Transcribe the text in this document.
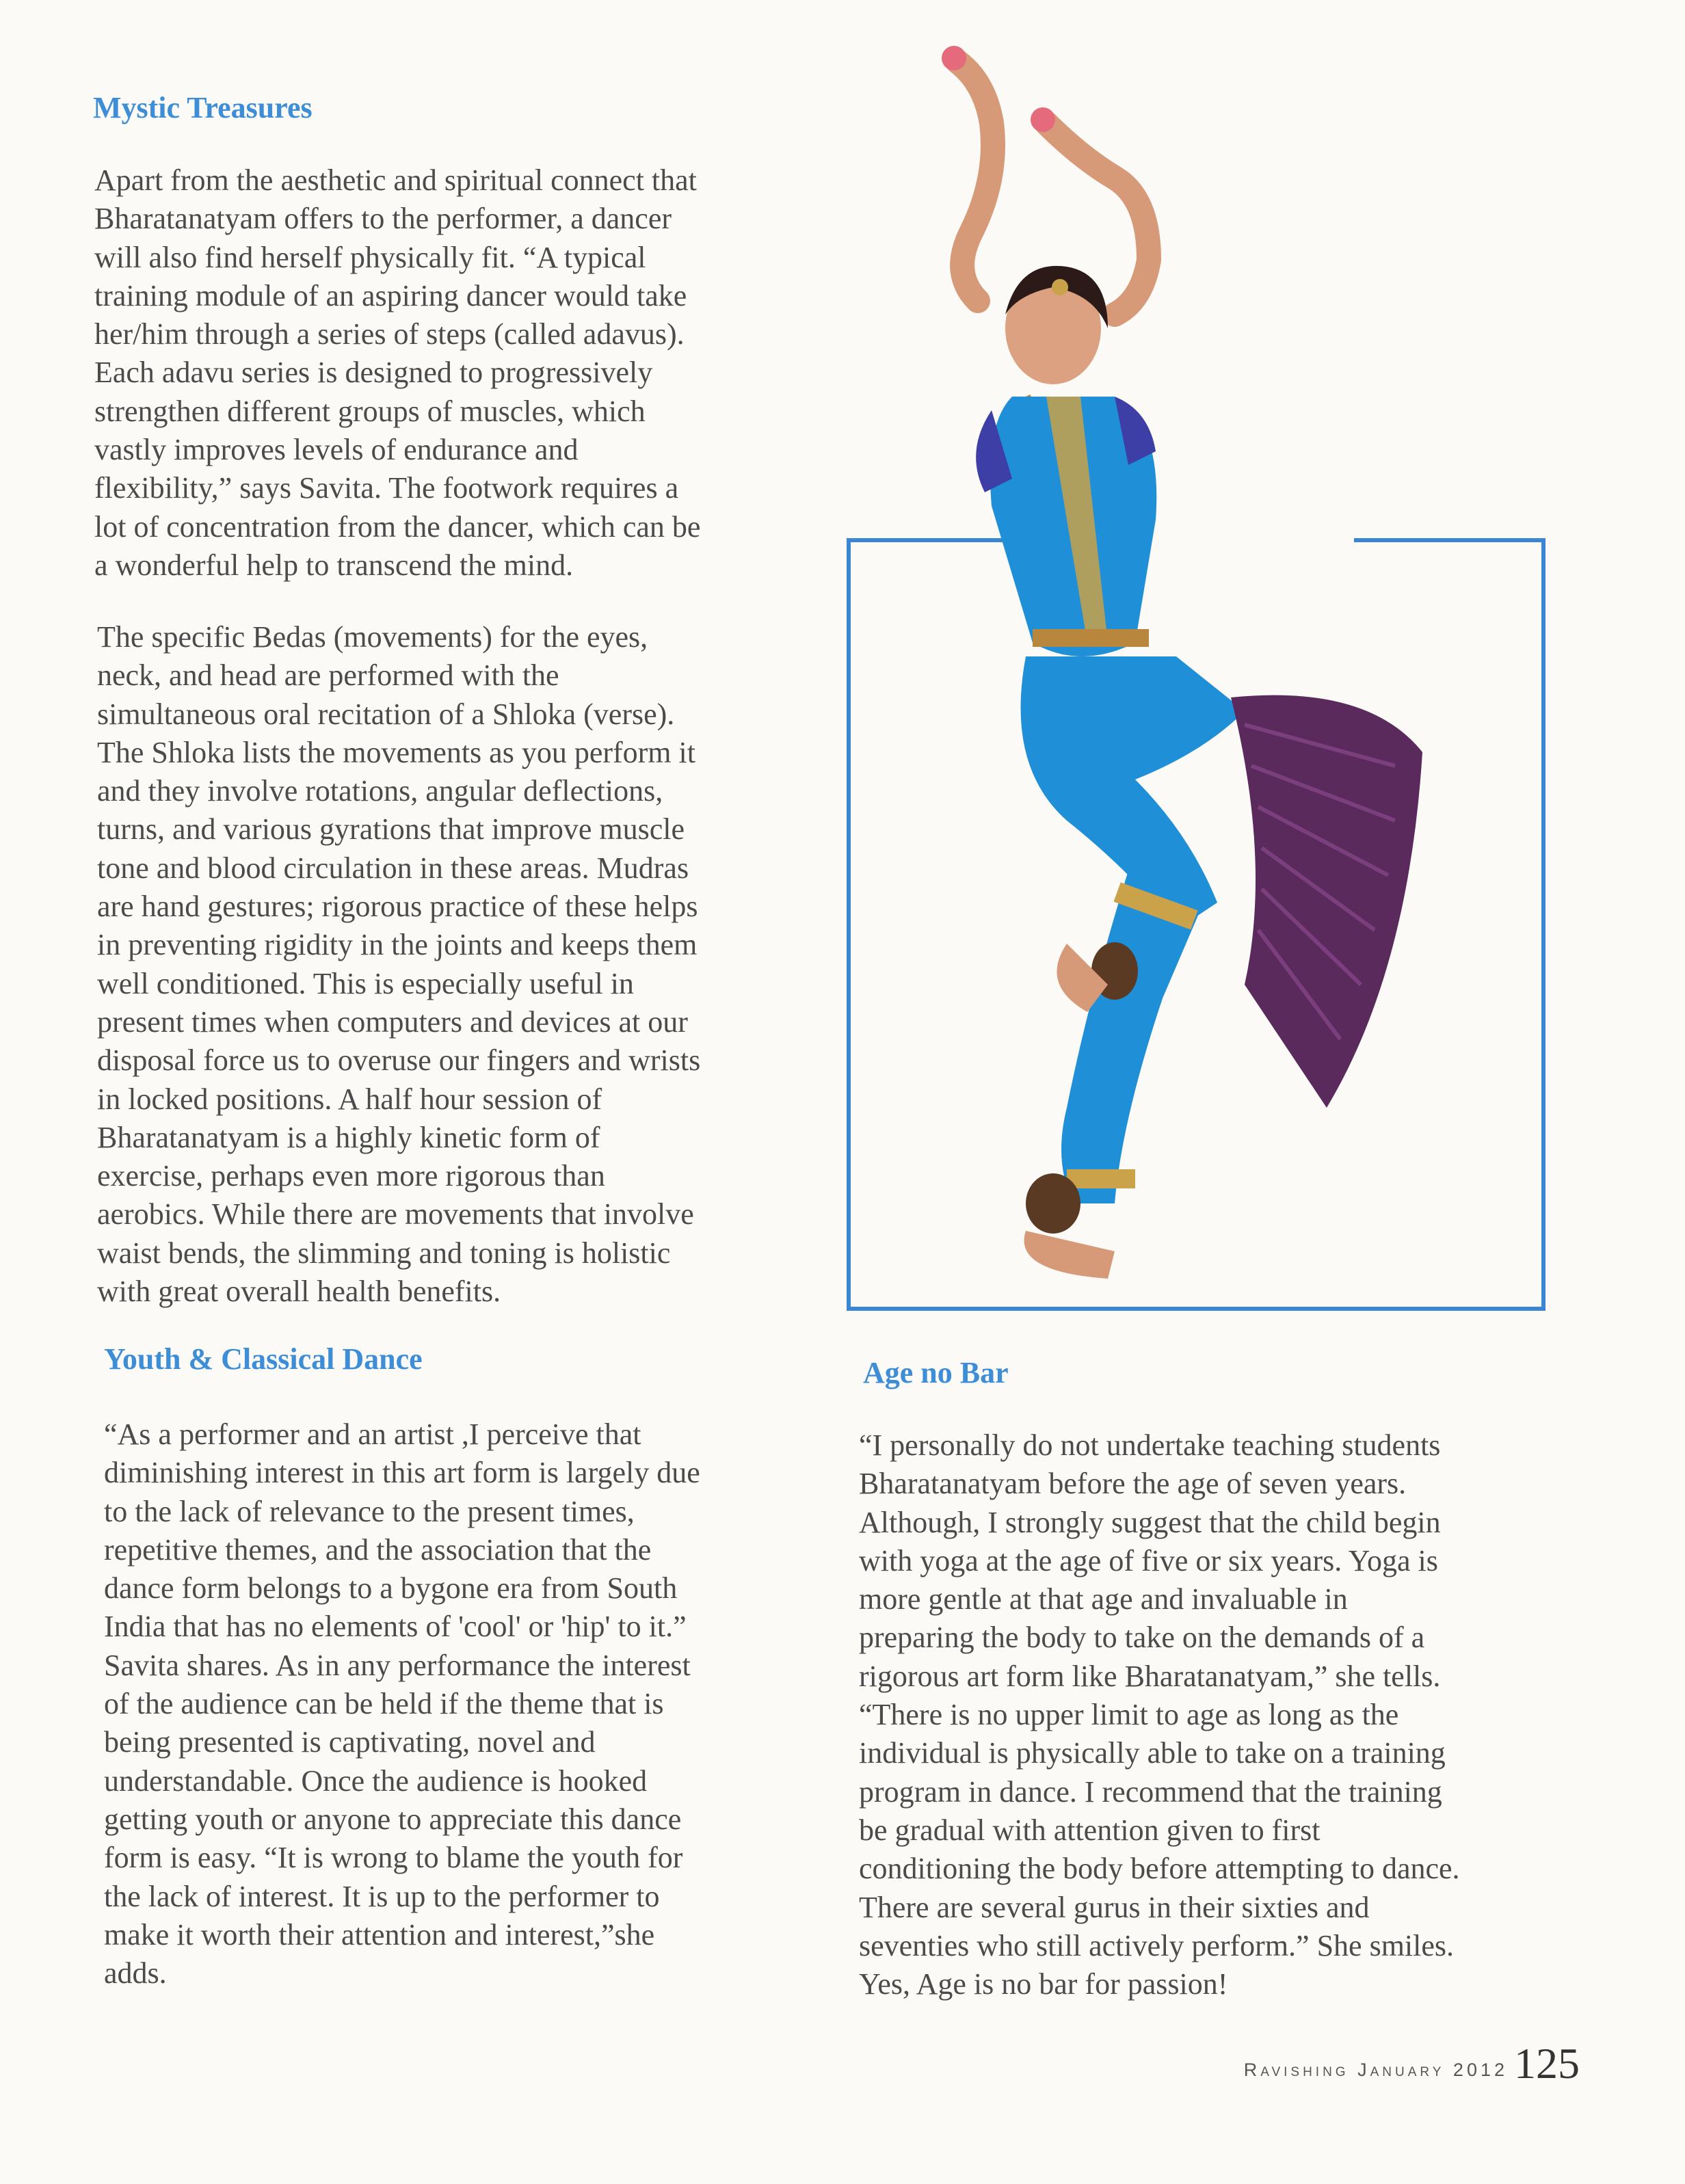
Mystic Treasures

Apart from the aesthetic and spiritual connect that
Bharatanatyam offers to the performer, a dancer
will also find herself physically fit. “A typical
training module of an aspiring dancer would take
her/him through a series of steps (called adavus).
Each adavu series is designed to progressively
strengthen different groups of muscles, which
vastly improves levels of endurance and
flexibility,” says Savita. The footwork requires a
lot of concentration from the dancer, which can be
a wonderful help to transcend the mind.

The specific Bedas (movements) for the eyes,
neck, and head are performed with the
simultaneous oral recitation of a Shloka (verse).
The Shloka lists the movements as you perform it
and they involve rotations, angular deflections,
turns, and various gyrations that improve muscle
tone and blood circulation in these areas. Mudras
are hand gestures; rigorous practice of these helps
in preventing rigidity in the joints and keeps them
well conditioned. This is especially useful in
present times when computers and devices at our
disposal force us to overuse our fingers and wrists
in locked positions. A half hour session of
Bharatanatyam is a highly kinetic form of
exercise, perhaps even more rigorous than
aerobics. While there are movements that involve
waist bends, the slimming and toning is holistic
with great overall health benefits.

Youth & Classical Dance

“As a performer and an artist ,I perceive that
diminishing interest in this art form is largely due
to the lack of relevance to the present times,
repetitive themes, and the association that the
dance form belongs to a bygone era from South
India that has no elements of 'cool' or 'hip' to it.”
Savita shares. As in any performance the interest
of the audience can be held if the theme that is
being presented is captivating, novel and
understandable. Once the audience is hooked
getting youth or anyone to appreciate this dance
form is easy. “It is wrong to blame the youth for
the lack of interest. It is up to the performer to
make it worth their attention and interest,”she
adds.

Age no Bar

“I personally do not undertake teaching students
Bharatanatyam before the age of seven years.
Although, I strongly suggest that the child begin
with yoga at the age of five or six years. Yoga is
more gentle at that age and invaluable in
preparing the body to take on the demands of a
rigorous art form like Bharatanatyam,” she tells.
“There is no upper limit to age as long as the
individual is physically able to take on a training
program in dance. I recommend that the training
be gradual with attention given to first
conditioning the body before attempting to dance.
There are several gurus in their sixties and
seventies who still actively perform.” She smiles.
Yes, Age is no bar for passion!

Ravishing January 2012 125
